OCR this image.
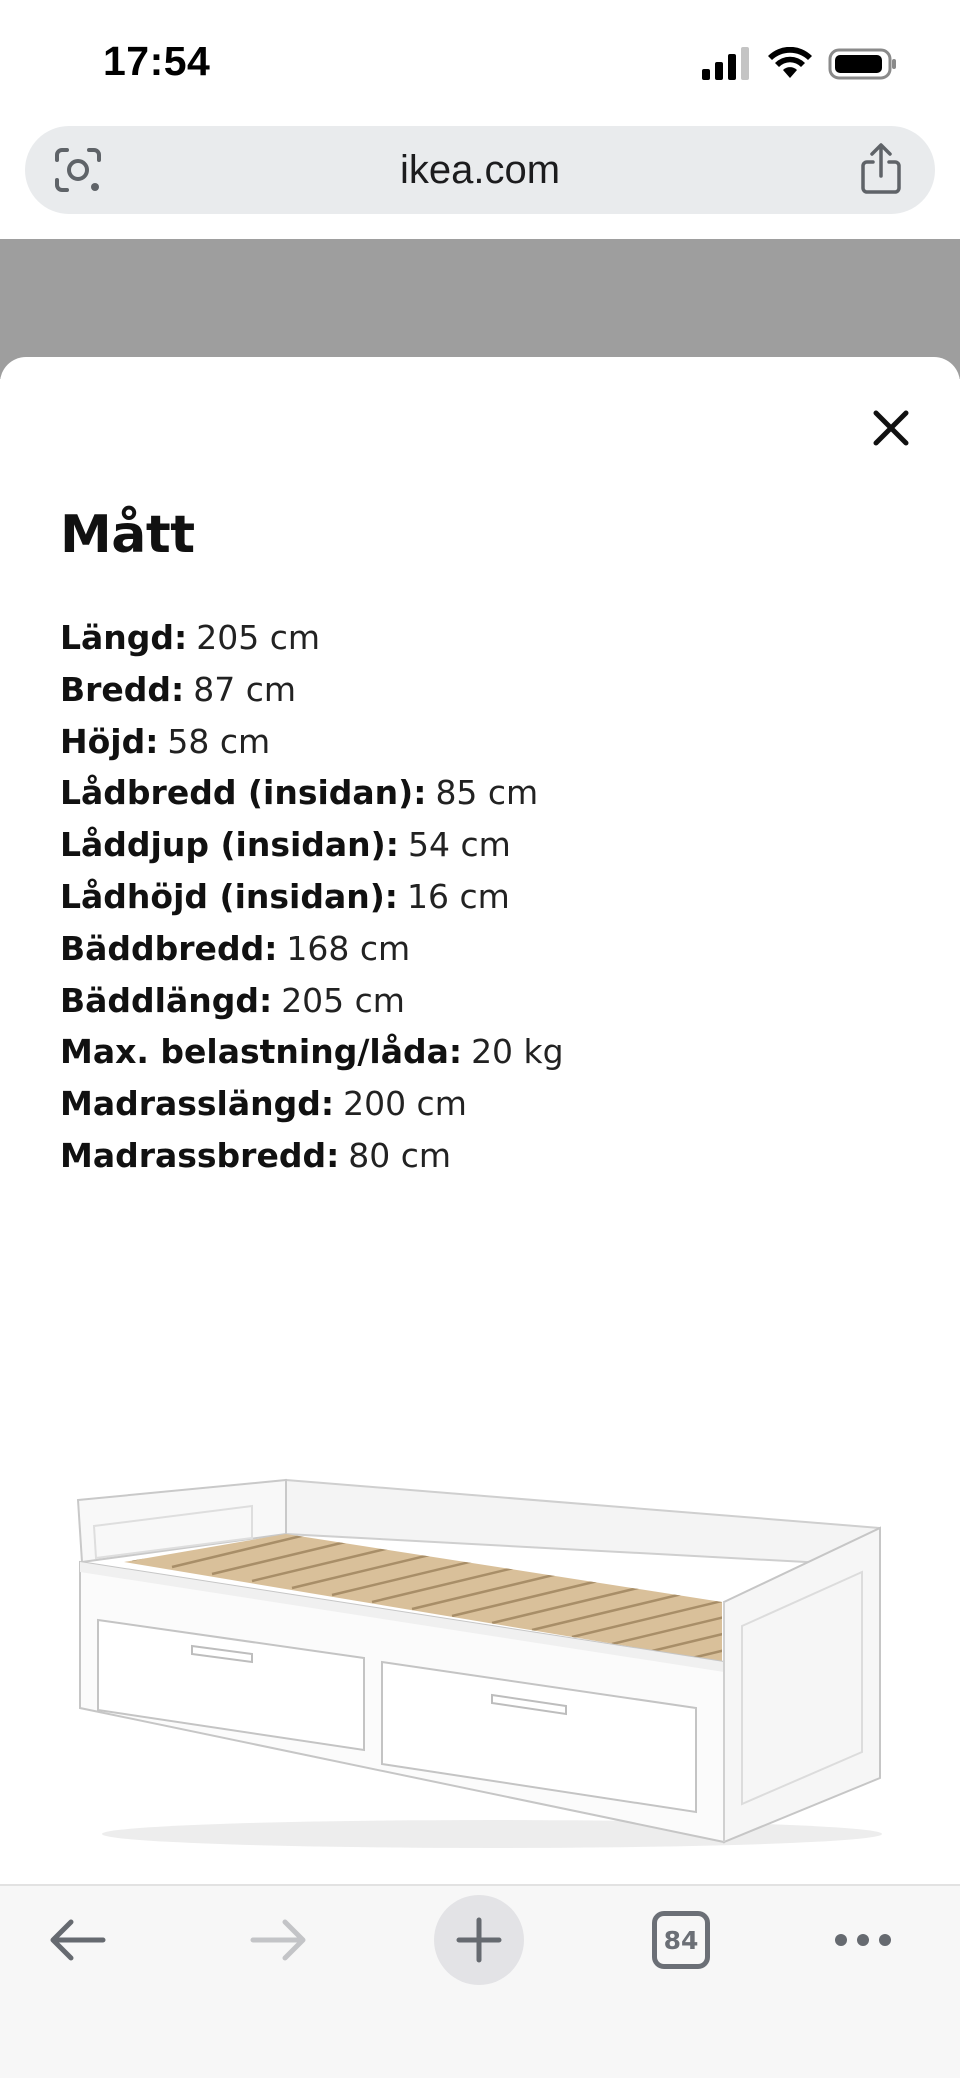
17:54
ikea.com
Mått
Längd: 205 cm
Bredd: 87 cm
Höjd: 58 cm
Lådbredd (insidan): 85 cm
Låddjup (insidan): 54 cm
Lådhöjd (insidan): 16 cm
Bäddbredd: 168 cm
Bäddlängd: 205 cm
Max. belastning/låda: 20 kg
Madrasslängd: 200 cm
Madrassbredd: 80 cm
84
